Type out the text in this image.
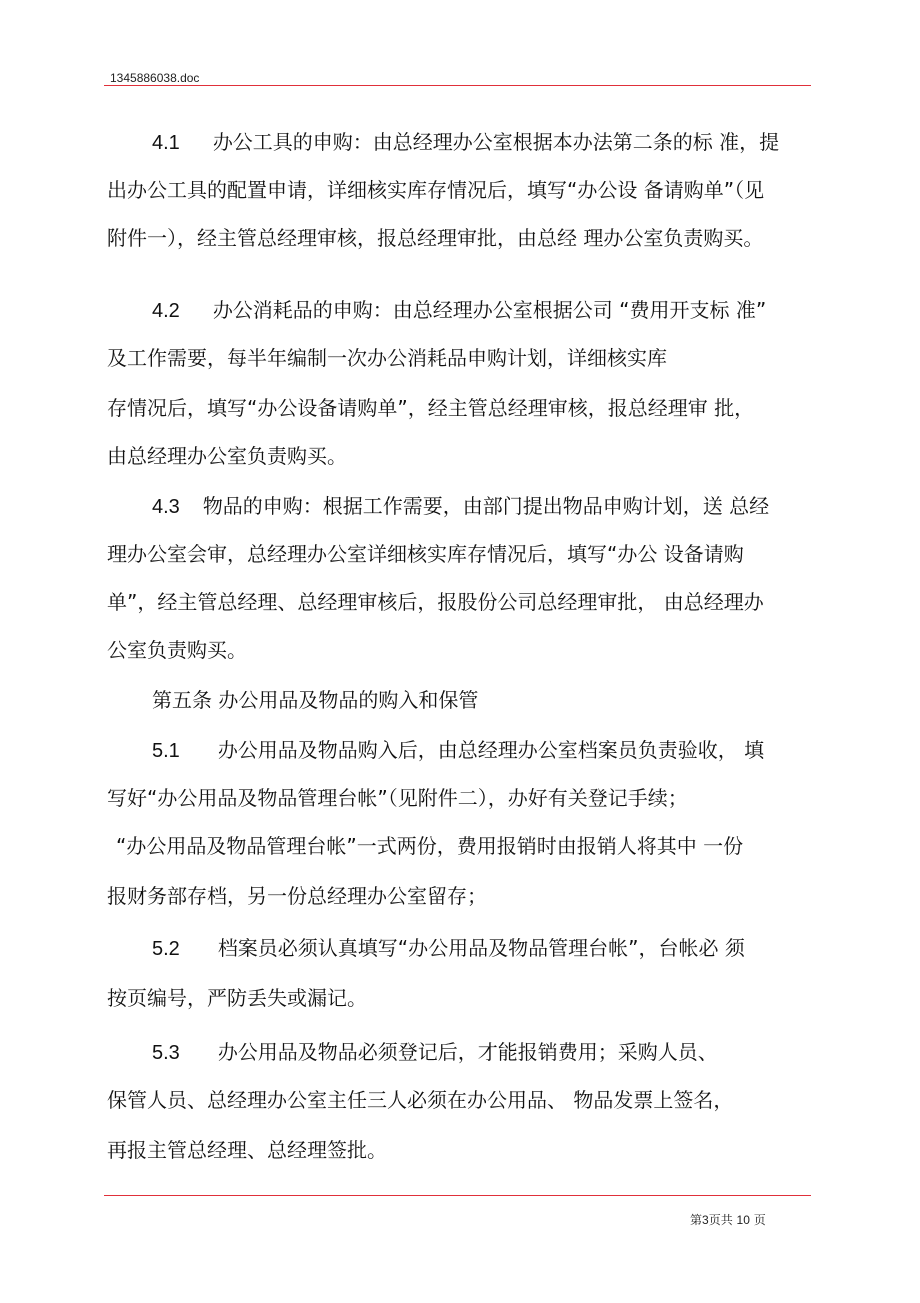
1345886038.doc
4.1 办公工具的申购：由总经理办公室根据本办法第二条的标 准，提
出办公工具的配置申请，详细核实库存情况后，填写“办公设 备请购单”（见
附件一），经主管总经理审核，报总经理审批，由总经 理办公室负责购买。
4.2 办公消耗品的申购：由总经理办公室根据公司 “费用开支标 准”
及工作需要，每半年编制一次办公消耗品申购计划，详细核实库
存情况后，填写“办公设备请购单”，经主管总经理审核，报总经理审 批，
由总经理办公室负责购买。
4.3 物品的申购：根据工作需要，由部门提出物品申购计划，送 总经
理办公室会审，总经理办公室详细核实库存情况后，填写“办公 设备请购
单”，经主管总经理、总经理审核后，报股份公司总经理审批， 由总经理办
公室负责购买。
第五条 办公用品及物品的购入和保管
5.1 办公用品及物品购入后，由总经理办公室档案员负责验收， 填
写好“办公用品及物品管理台帐”（见附件二），办好有关登记手续；
“办公用品及物品管理台帐”一式两份，费用报销时由报销人将其中 一份
报财务部存档，另一份总经理办公室留存；
5.2 档案员必须认真填写“办公用品及物品管理台帐”，台帐必 须
按页编号，严防丢失或漏记。
5.3 办公用品及物品必须登记后，才能报销费用；采购人员、
保管人员、总经理办公室主任三人必须在办公用品、 物品发票上签名，
再报主管总经理、总经理签批。
第3页共 10 页
